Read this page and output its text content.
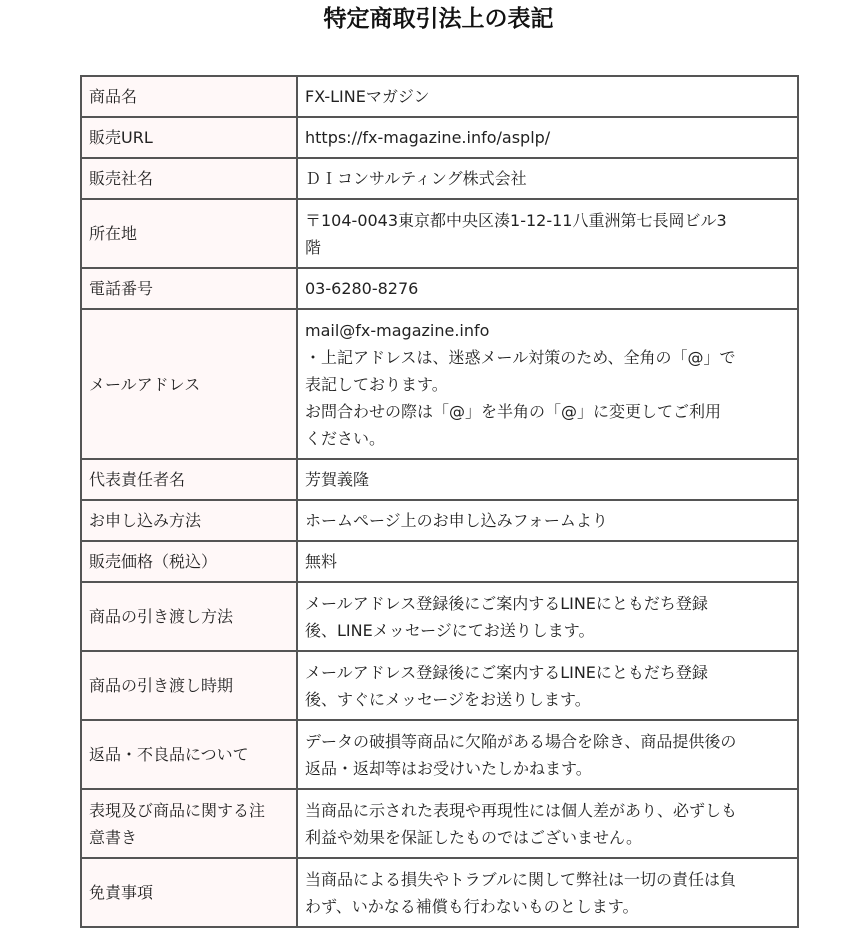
特定商取引法上の表記
商品名	FX-LINEマガジン

販売URL	https://fx-magazine.info/asplp/

販売社名	ＤＩコンサルティング株式会社

所在地	〒104-0043東京都中央区湊1-12-11八重洲第七長岡ビル3
階

電話番号	03-6280-8276

メールアドレス	mail@fx-magazine.info
・上記アドレスは、迷惑メール対策のため、全角の「@」で
表記しております。
お問合わせの際は「@」を半角の「@」に変更してご利用
ください。

代表責任者名	芳賀義隆

お申し込み方法	ホームページ上のお申し込みフォームより

販売価格（税込）	無料

商品の引き渡し方法	メールアドレス登録後にご案内するLINEにともだち登録
後、LINEメッセージにてお送りします。

商品の引き渡し時期	メールアドレス登録後にご案内するLINEにともだち登録
後、すぐにメッセージをお送りします。

返品・不良品について	データの破損等商品に欠陥がある場合を除き、商品提供後の
返品・返却等はお受けいたしかねます。

表現及び商品に関する注
意書き	当商品に示された表現や再現性には個人差があり、必ずしも
利益や効果を保証したものではございません。

免責事項	当商品による損失やトラブルに関して弊社は一切の責任は負
わず、いかなる補償も行わないものとします。
